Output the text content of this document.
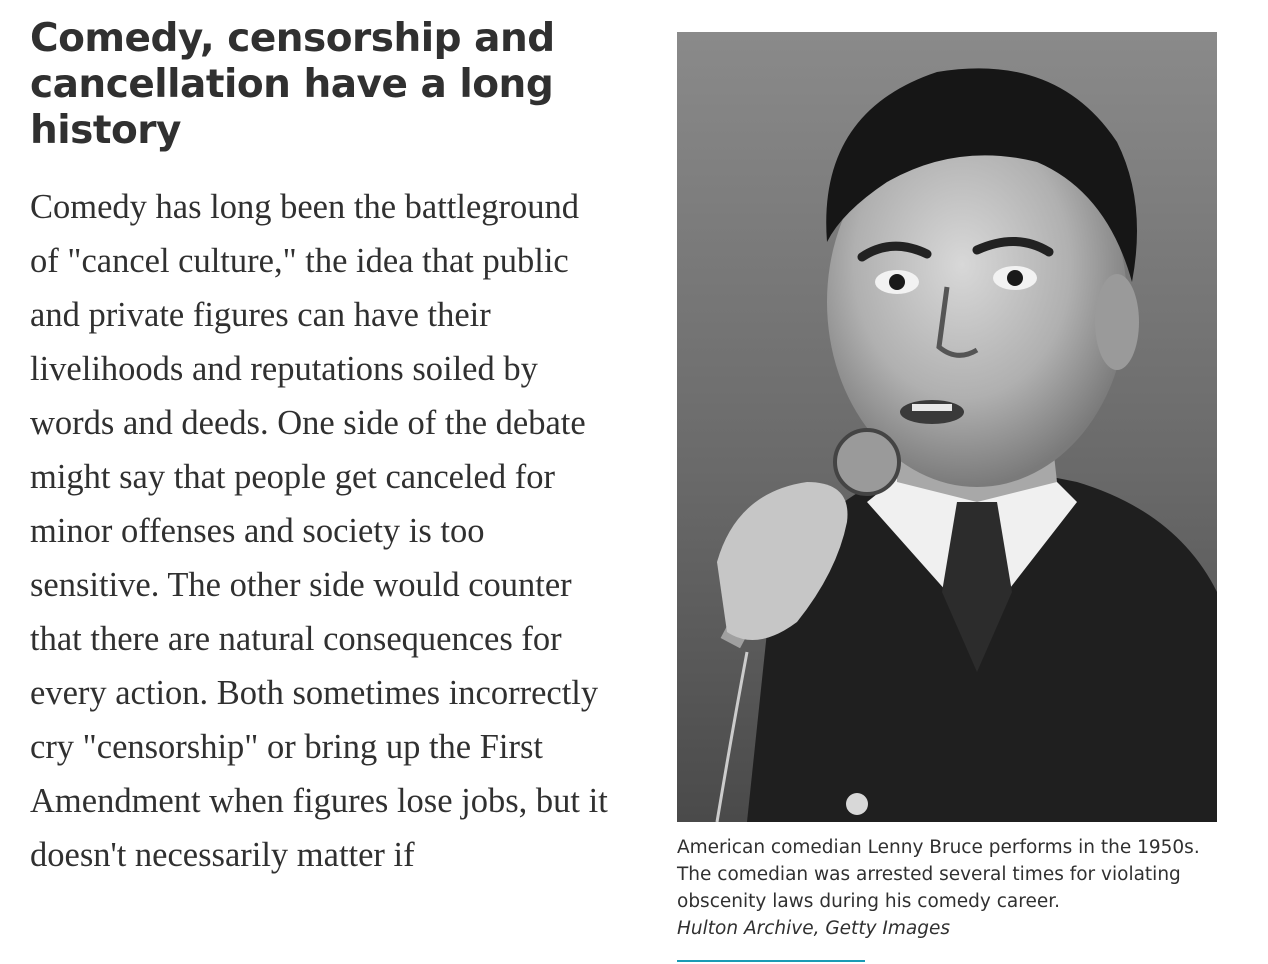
Comedy, censorship and cancellation have a long history

Comedy has long been the battleground of "cancel culture," the idea that public and private figures can have their livelihoods and reputations soiled by words and deeds. One side of the debate might say that people get canceled for minor offenses and society is too sensitive. The other side would counter that there are natural consequences for every action. Both sometimes incorrectly cry "censorship" or bring up the First Amendment when figures lose jobs, but it doesn't necessarily matter if	American comedian Lenny Bruce performs in the 1950s. The comedian was arrested several times for violating obscenity laws during his comedy career.
Hulton Archive, Getty Images
